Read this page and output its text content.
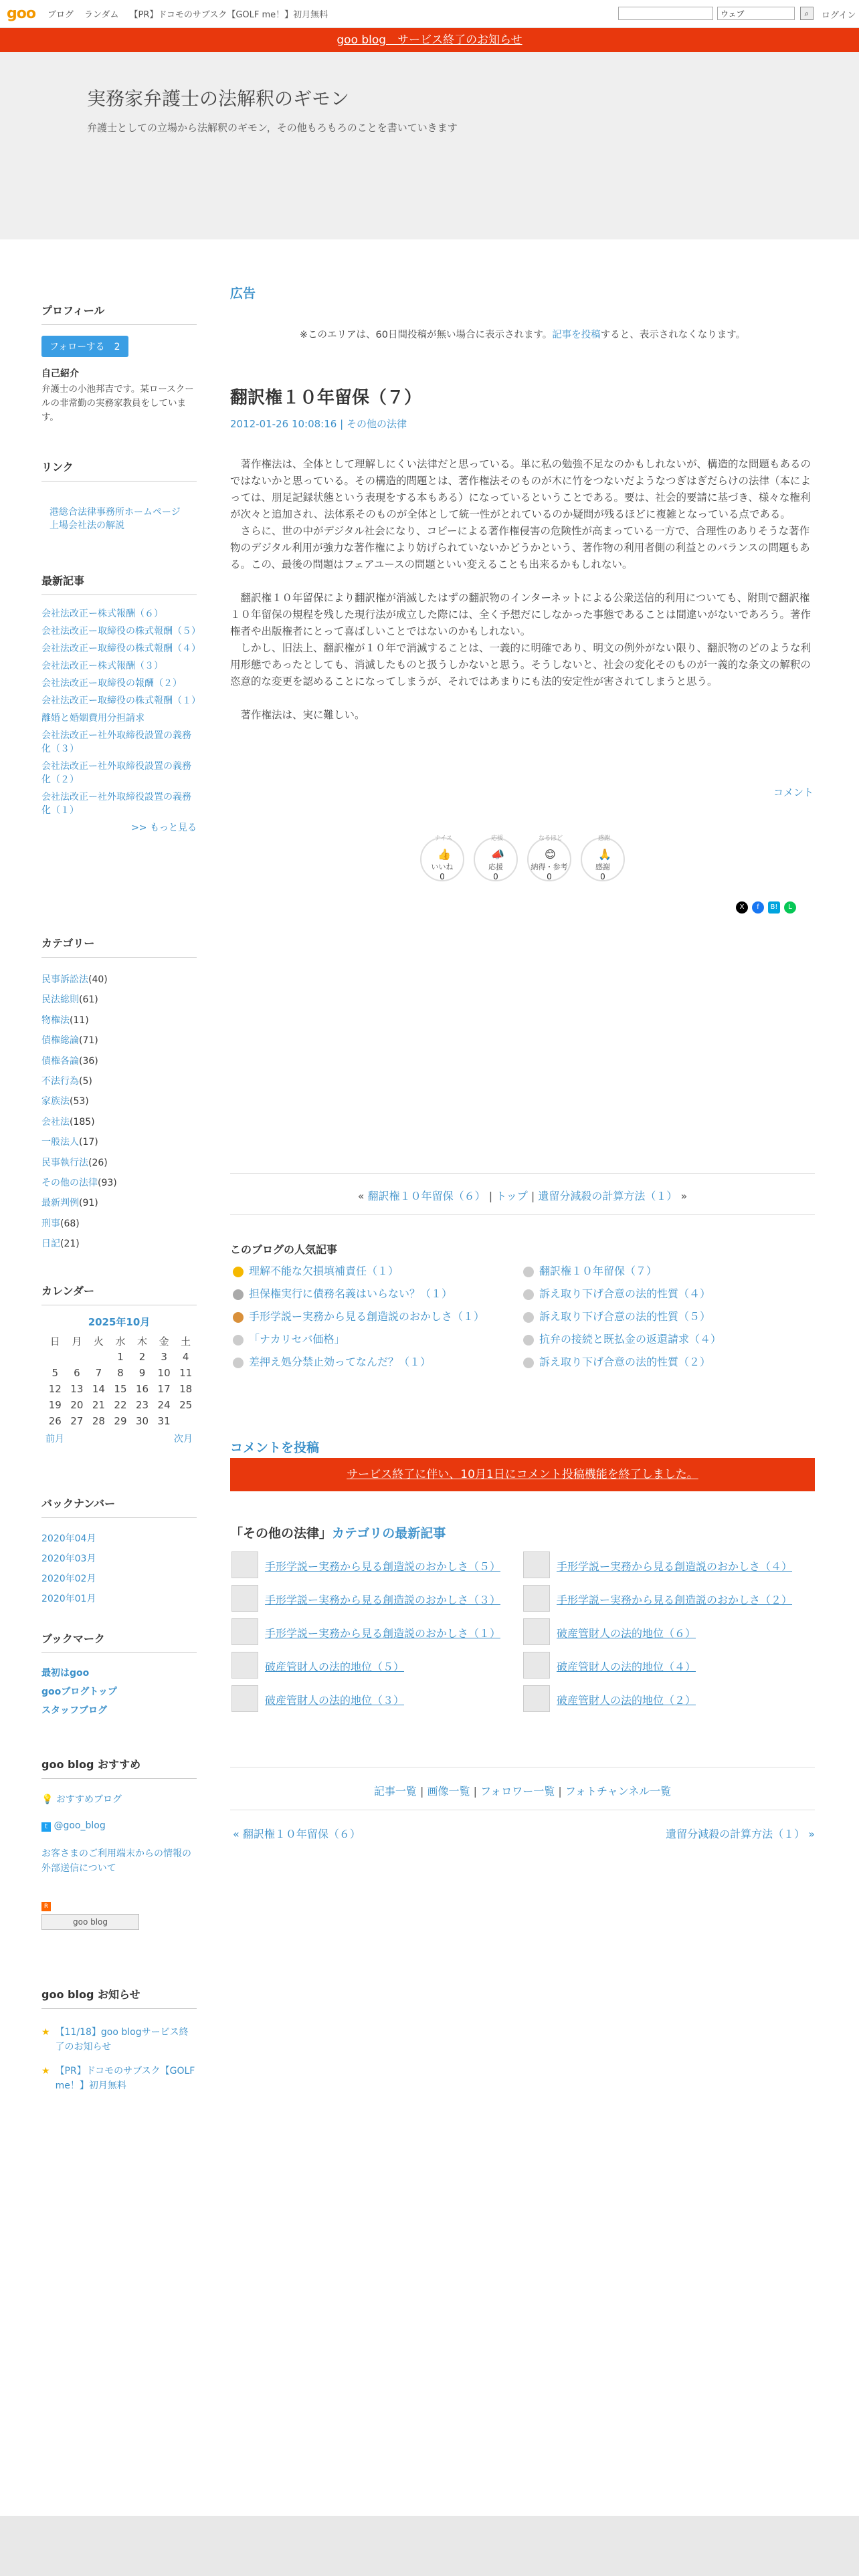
goo ブログ ランダム 【PR】ドコモのサブスク【GOLF me！】初月無料	ウェブ	⌕	ログイン
goo blog　サービス終了のお知らせ
実務家弁護士の法解釈のギモン

弁護士としての立場から法解釈のギモン，その他もろもろのことを書いていきます

プロフィール
フォローする　 2
自己紹介
弁護士の小池邦吉です。某ロースクールの非常勤の実務家教員をしています。
リンク
港総合法律事務所ホームページ
上場会社法の解説
最新記事
会社法改正ー株式報酬（６）
会社法改正ー取締役の株式報酬（５）
会社法改正ー取締役の株式報酬（４）
会社法改正ー株式報酬（３）
会社法改正ー取締役の報酬（２）
会社法改正ー取締役の株式報酬（１）
離婚と婚姻費用分担請求
会社法改正ー社外取締役設置の義務化（３）
会社法改正ー社外取締役設置の義務化（２）
会社法改正ー社外取締役設置の義務化（１）
>> もっと見る
カテゴリー
民事訴訟法(40)
民法総則(61)
物権法(11)
債権総論(71)
債権各論(36)
不法行為(5)
家族法(53)
会社法(185)
一般法人(17)
民事執行法(26)
その他の法律(93)
最新判例(91)
刑事(68)
日記(21)
カレンダー
2025年10月
日	月	火	水	木	金	土
			1	2	3	4
5	6	7	8	9	10	11
12	13	14	15	16	17	18
19	20	21	22	23	24	25
26	27	28	29	30	31	
前月	次月
バックナンバー
2020年04月
2020年03月
2020年02月
2020年01月
ブックマーク
最初はgoo
gooブログトップ
スタッフブログ
goo blog おすすめ
💡 おすすめブログ
t @goo_blog
お客さまのご利用端末からの情報の外部送信について
R
goo blog
goo blog お知らせ
★ 【11/18】goo blogサービス終了のお知らせ
★ 【PR】ドコモのサブスク【GOLF me！】初月無料
広告
※このエリアは、60日間投稿が無い場合に表示されます。記事を投稿すると、表示されなくなります。
翻訳権１０年留保（７）
2012-01-26 10:08:16 | その他の法律

　著作権法は、全体として理解しにくい法律だと思っている。単に私の勉強不足なのかもしれないが、構造的な問題もあるのではないかと思っている。その構造的問題とは、著作権法そのものが木に竹をつないだようなつぎはぎだらけの法律（本によっては、朋足記録状態という表現をする本もある）になっているということである。要は、社会的要請に基づき、様々な権利が次々と追加され、法体系そのものが全体として統一性がとれているのか疑問が残るほどに複雑となっている点である。

　さらに、世の中がデジタル社会になり、コピーによる著作権侵害の危険性が高まっている一方で、合理性のありそうな著作物のデジタル利用が強力な著作権により妨げられていないかどうかという、著作物の利用者側の利益とのバランスの問題もある。この、最後の問題はフェアユースの問題といい変えることも出来るかもしれない。

　翻訳権１０年留保により翻訳権が消滅したはずの翻訳物のインターネットによる公衆送信的利用についても、附則で翻訳権１０年留保の規程を残した現行法が成立した際には、全く予想だにしなかった事態であることは間違いがないであろう。著作権者や出版権者にとって喜ばしいことではないのかもしれない。

　しかし、旧法上、翻訳権が１０年で消滅することは、一義的に明確であり、明文の例外がない限り、翻訳物のどのような利用形態であったとしても、消滅したものと扱うしかないと思う。そうしないと、社会の変化そのものが一義的な条文の解釈の恣意的な変更を認めることになってしまうが、それではあまりにも法的安定性が害されてしまうと思う。

　著作権法は、実に難しい。

コメント
ナイス
👍
いいね
0
応援
📣
応援
0
なるほど
😊
納得・参考
0
感謝
🙏
感謝
0
X	f	B!	L
« 翻訳権１０年留保（６） | トップ | 遺留分減殺の計算方法（１） »
このブログの人気記事
理解不能な欠損填補責任（１）
担保権実行に債務名義はいらない？（１）
手形学説ー実務から見る創造説のおかしさ（１）
「ナカリセバ価格」
差押え処分禁止効ってなんだ？（１）
翻訳権１０年留保（７）
訴え取り下げ合意の法的性質（４）
訴え取り下げ合意の法的性質（５）
抗弁の接続と既払金の返還請求（４）
訴え取り下げ合意の法的性質（２）
コメントを投稿
サービス終了に伴い、10月1日にコメント投稿機能を終了しました。
「その他の法律」カテゴリの最新記事
手形学説ー実務から見る創造説のおかしさ（５）
手形学説ー実務から見る創造説のおかしさ（３）
手形学説ー実務から見る創造説のおかしさ（１）
破産管財人の法的地位（５）
破産管財人の法的地位（３）
手形学説ー実務から見る創造説のおかしさ（４）
手形学説ー実務から見る創造説のおかしさ（２）
破産管財人の法的地位（６）
破産管財人の法的地位（４）
破産管財人の法的地位（２）
記事一覧 | 画像一覧 | フォロワー一覧 | フォトチャンネル一覧
« 翻訳権１０年留保（６）	遺留分減殺の計算方法（１） »
